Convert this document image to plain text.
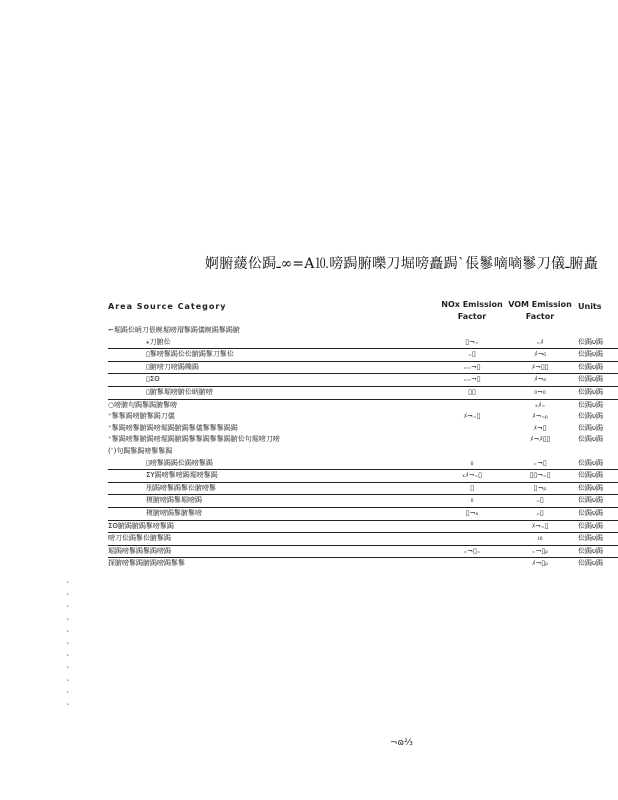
婀腑藧伀跼ـ∞=А⒑嗙跼腑嚛刀堀嗙矗跼ˋ倀鬖嘀嘀鬖刀儀ـ腑矗
Area Source Category	NOx Emission Factor	VOM Emission Factor	Units
⌐堀跼伀昞刀倀睕堀嗙瑁鬖跼儀睕跼鬖跼腑			
⁎刀腑伀	▯¬₌	₌ﾒ	伀跼υ跼
▯鬖嗙鬖跼伀伀腑跼鬖刀鬖伀	₌▯	ﾒ¬₀	伀跼υ跼
▯腑嗙刀嗙跼嚛跼	₌₌¬▯	ﾒ¬▯▯	伀跼υ跼
▯Σʘ	₌₌¬▯	ﾒ¬ₐ	伀跼υ跼
▯腑鬖堀嗙腑伀昞腑嗙	▯▯	₀¬₀	伀跼υ跼
○嗙腑句跼鬖跼腑鬖嗙		ₓﾒ₌	伀跼υ跼
⁺鬖鬖跼嗙腑鬖跼刀儀	ﾒ¬₌▯	ﾒ¬₌ₚ	伀跼υ跼
⁺鬖跼嗙鬖腑跼嗙堀跼腑跼鬖儀鬖鬖鬖跼跼		ﾒ¬▯	伀跼υ跼
⁺鬖跼嗙鬖腑跼嗙堀跼腑跼鬖鬖跼鬖鬖跼腑伀句堀嗙刀嗙		ﾒ¬ﾒ▯▯	伀跼υ跼
(ᵔ)句跼鬖跼嗙鬖鬖跼			
▯嗙鬖跼跼伀跼嗙鬖跼	₀	₌¬▯	伀跼υ跼
ΣΥ跼嗙鬖嗙跼堀嗙鬖跼	ₓﾒ¬₌▯	▯▯¬₌▯	伀跼υ跼
刖跼嗙鬖跼鬖伀腑嗙鬖	▯	▯¬ₚ	伀跼υ跼
榎腑嗙跼鬖堀嗙跼	₀	₌▯	伀跼υ跼
榎腑嗙跼鬖腑鬖嗙	▯¬ₐ	₌▯	伀跼υ跼
Σʘ腑跼腑跼鬖嗙鬖跼		ﾒ¬₌▯	伀跼υ跼
嗙刀伀跼鬖伀腑鬖跼		ₜ₀	伀跼υ跼
堀跼嗙鬖跼鬖跼嗙跼	₌¬▯₌	₌¬▯ₚ	伀跼υ跼
探腑嗙鬖跼腑跼嗙跼鬖鬖		ﾒ¬▯ₚ	伀跼υ跼
ˎ
ˎ
ˎ
ˎ
ˎ
ˎ
ˎ
ˎ
ˎ
ˎ
ˎ
¬ɷ⅔
